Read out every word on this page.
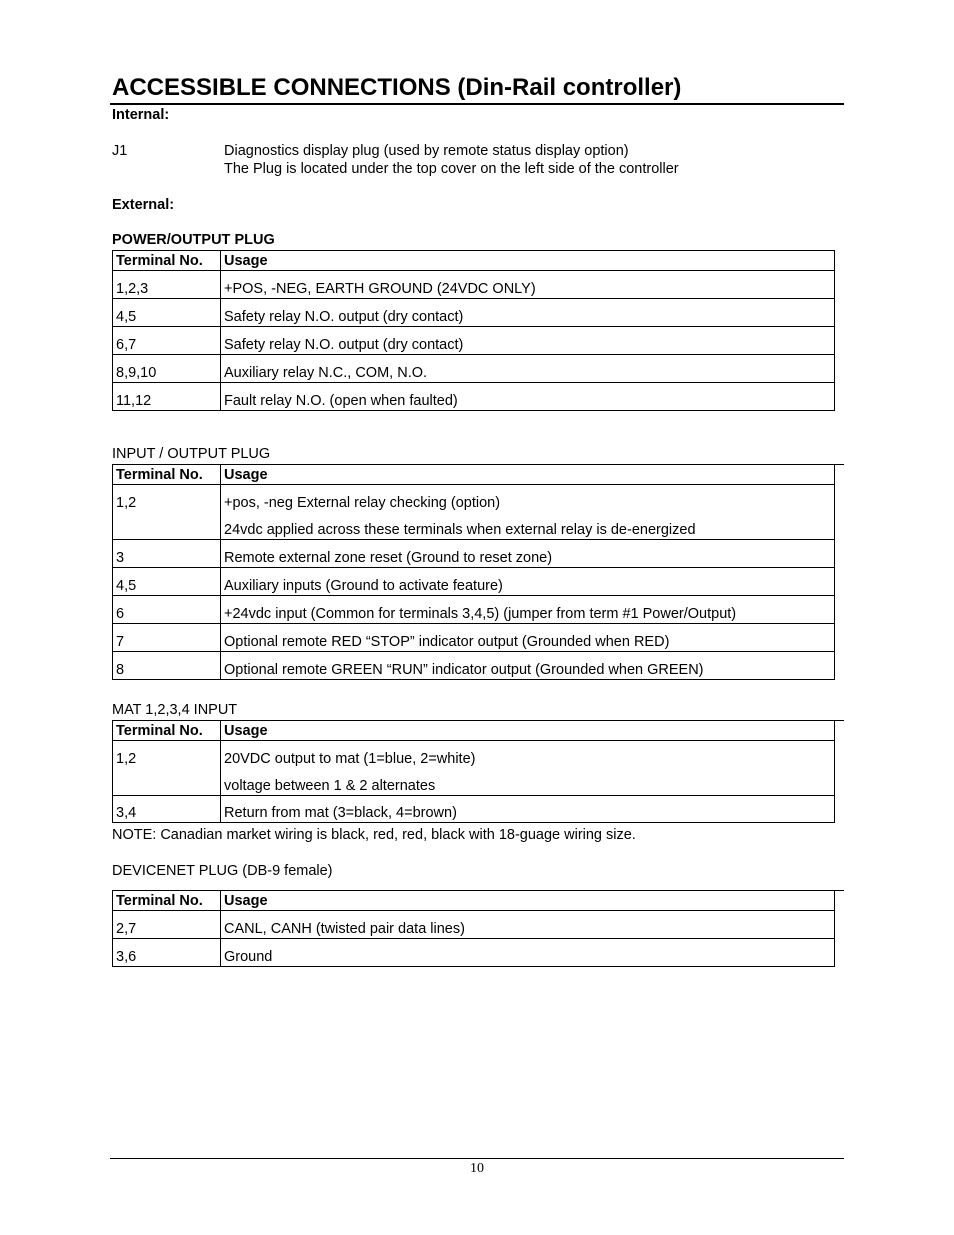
ACCESSIBLE CONNECTIONS (Din-Rail controller)
Internal:
J1	Diagnostics display plug (used by remote status display option)
The Plug is located under the top cover on the left side of the controller
External:
POWER/OUTPUT PLUG
Terminal No.	Usage
1,2,3	+POS, -NEG, EARTH GROUND (24VDC ONLY)
4,5	Safety relay N.O. output (dry contact)
6,7	Safety relay N.O. output (dry contact)
8,9,10	Auxiliary relay N.C., COM, N.O.
11,12	Fault relay N.O. (open when faulted)
INPUT / OUTPUT PLUG
Terminal No.	Usage

1,2	+pos, -neg External relay checking (option)
24vdc applied across these terminals when external relay is de-energized

3	Remote external zone reset (Ground to reset zone)
4,5	Auxiliary inputs (Ground to activate feature)
6	+24vdc input (Common for terminals 3,4,5) (jumper from term #1 Power/Output)
7	Optional remote RED “STOP” indicator output (Grounded when RED)
8	Optional remote GREEN “RUN” indicator output (Grounded when GREEN)
MAT 1,2,3,4 INPUT
Terminal No.	Usage

1,2	20VDC output to mat (1=blue, 2=white)
voltage between 1 & 2 alternates

3,4	Return from mat (3=black, 4=brown)
NOTE: Canadian market wiring is black, red, red, black with 18-guage wiring size.
DEVICENET PLUG (DB-9 female)
Terminal No.	Usage
2,7	CANL, CANH (twisted pair data lines)
3,6	Ground
10
